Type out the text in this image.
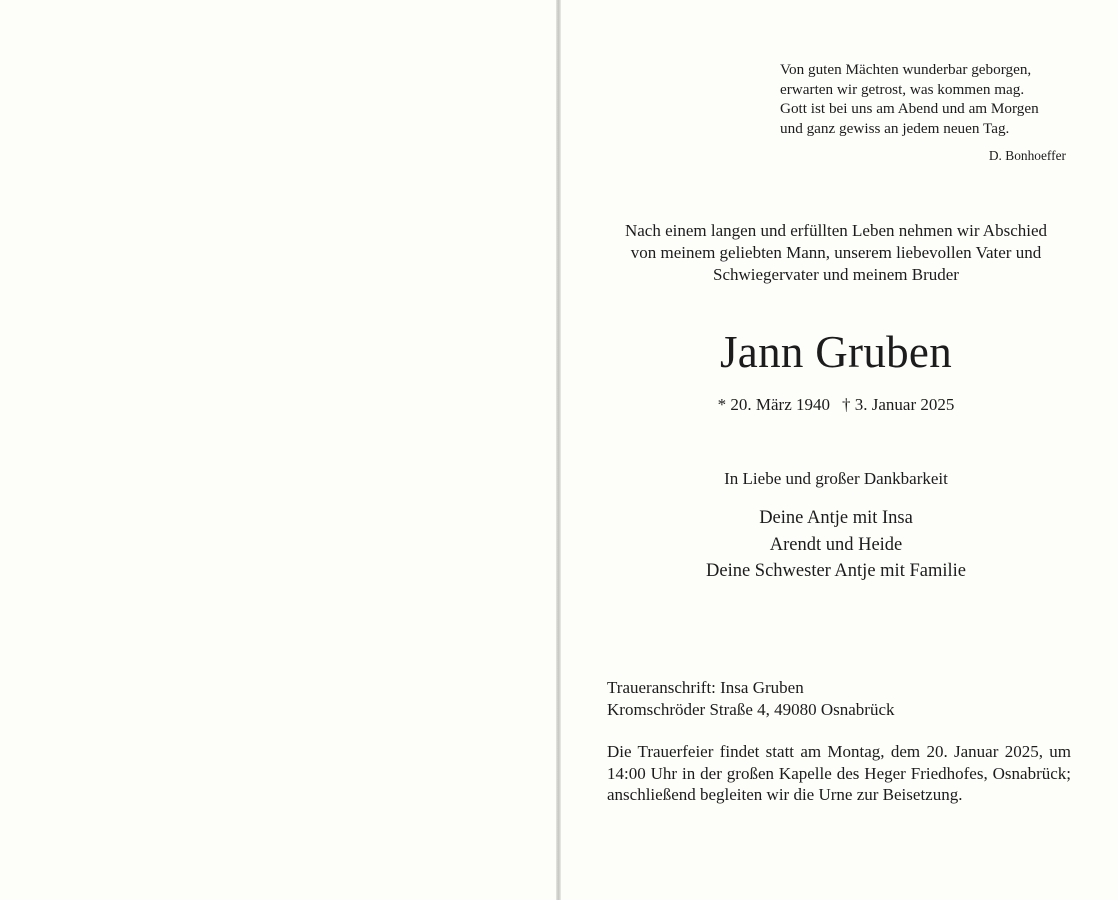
Von guten Mächten wunderbar geborgen,
erwarten wir getrost, was kommen mag.
Gott ist bei uns am Abend und am Morgen
und ganz gewiss an jedem neuen Tag.
D. Bonhoeffer
Nach einem langen und erfüllten Leben nehmen wir Abschied
von meinem geliebten Mann, unserem liebevollen Vater und
Schwiegervater und meinem Bruder
Jann Gruben
* 20. März 1940 † 3. Januar 2025
In Liebe und großer Dankbarkeit
Deine Antje mit Insa
Arendt und Heide
Deine Schwester Antje mit Familie
Traueranschrift: Insa Gruben
Kromschröder Straße 4, 49080 Osnabrück
Die Trauerfeier findet statt am Montag, dem 20. Januar 2025, um 14:00 Uhr in der großen Kapelle des Heger Friedhofes, Osnabrück; anschließend begleiten wir die Urne zur Beisetzung.
